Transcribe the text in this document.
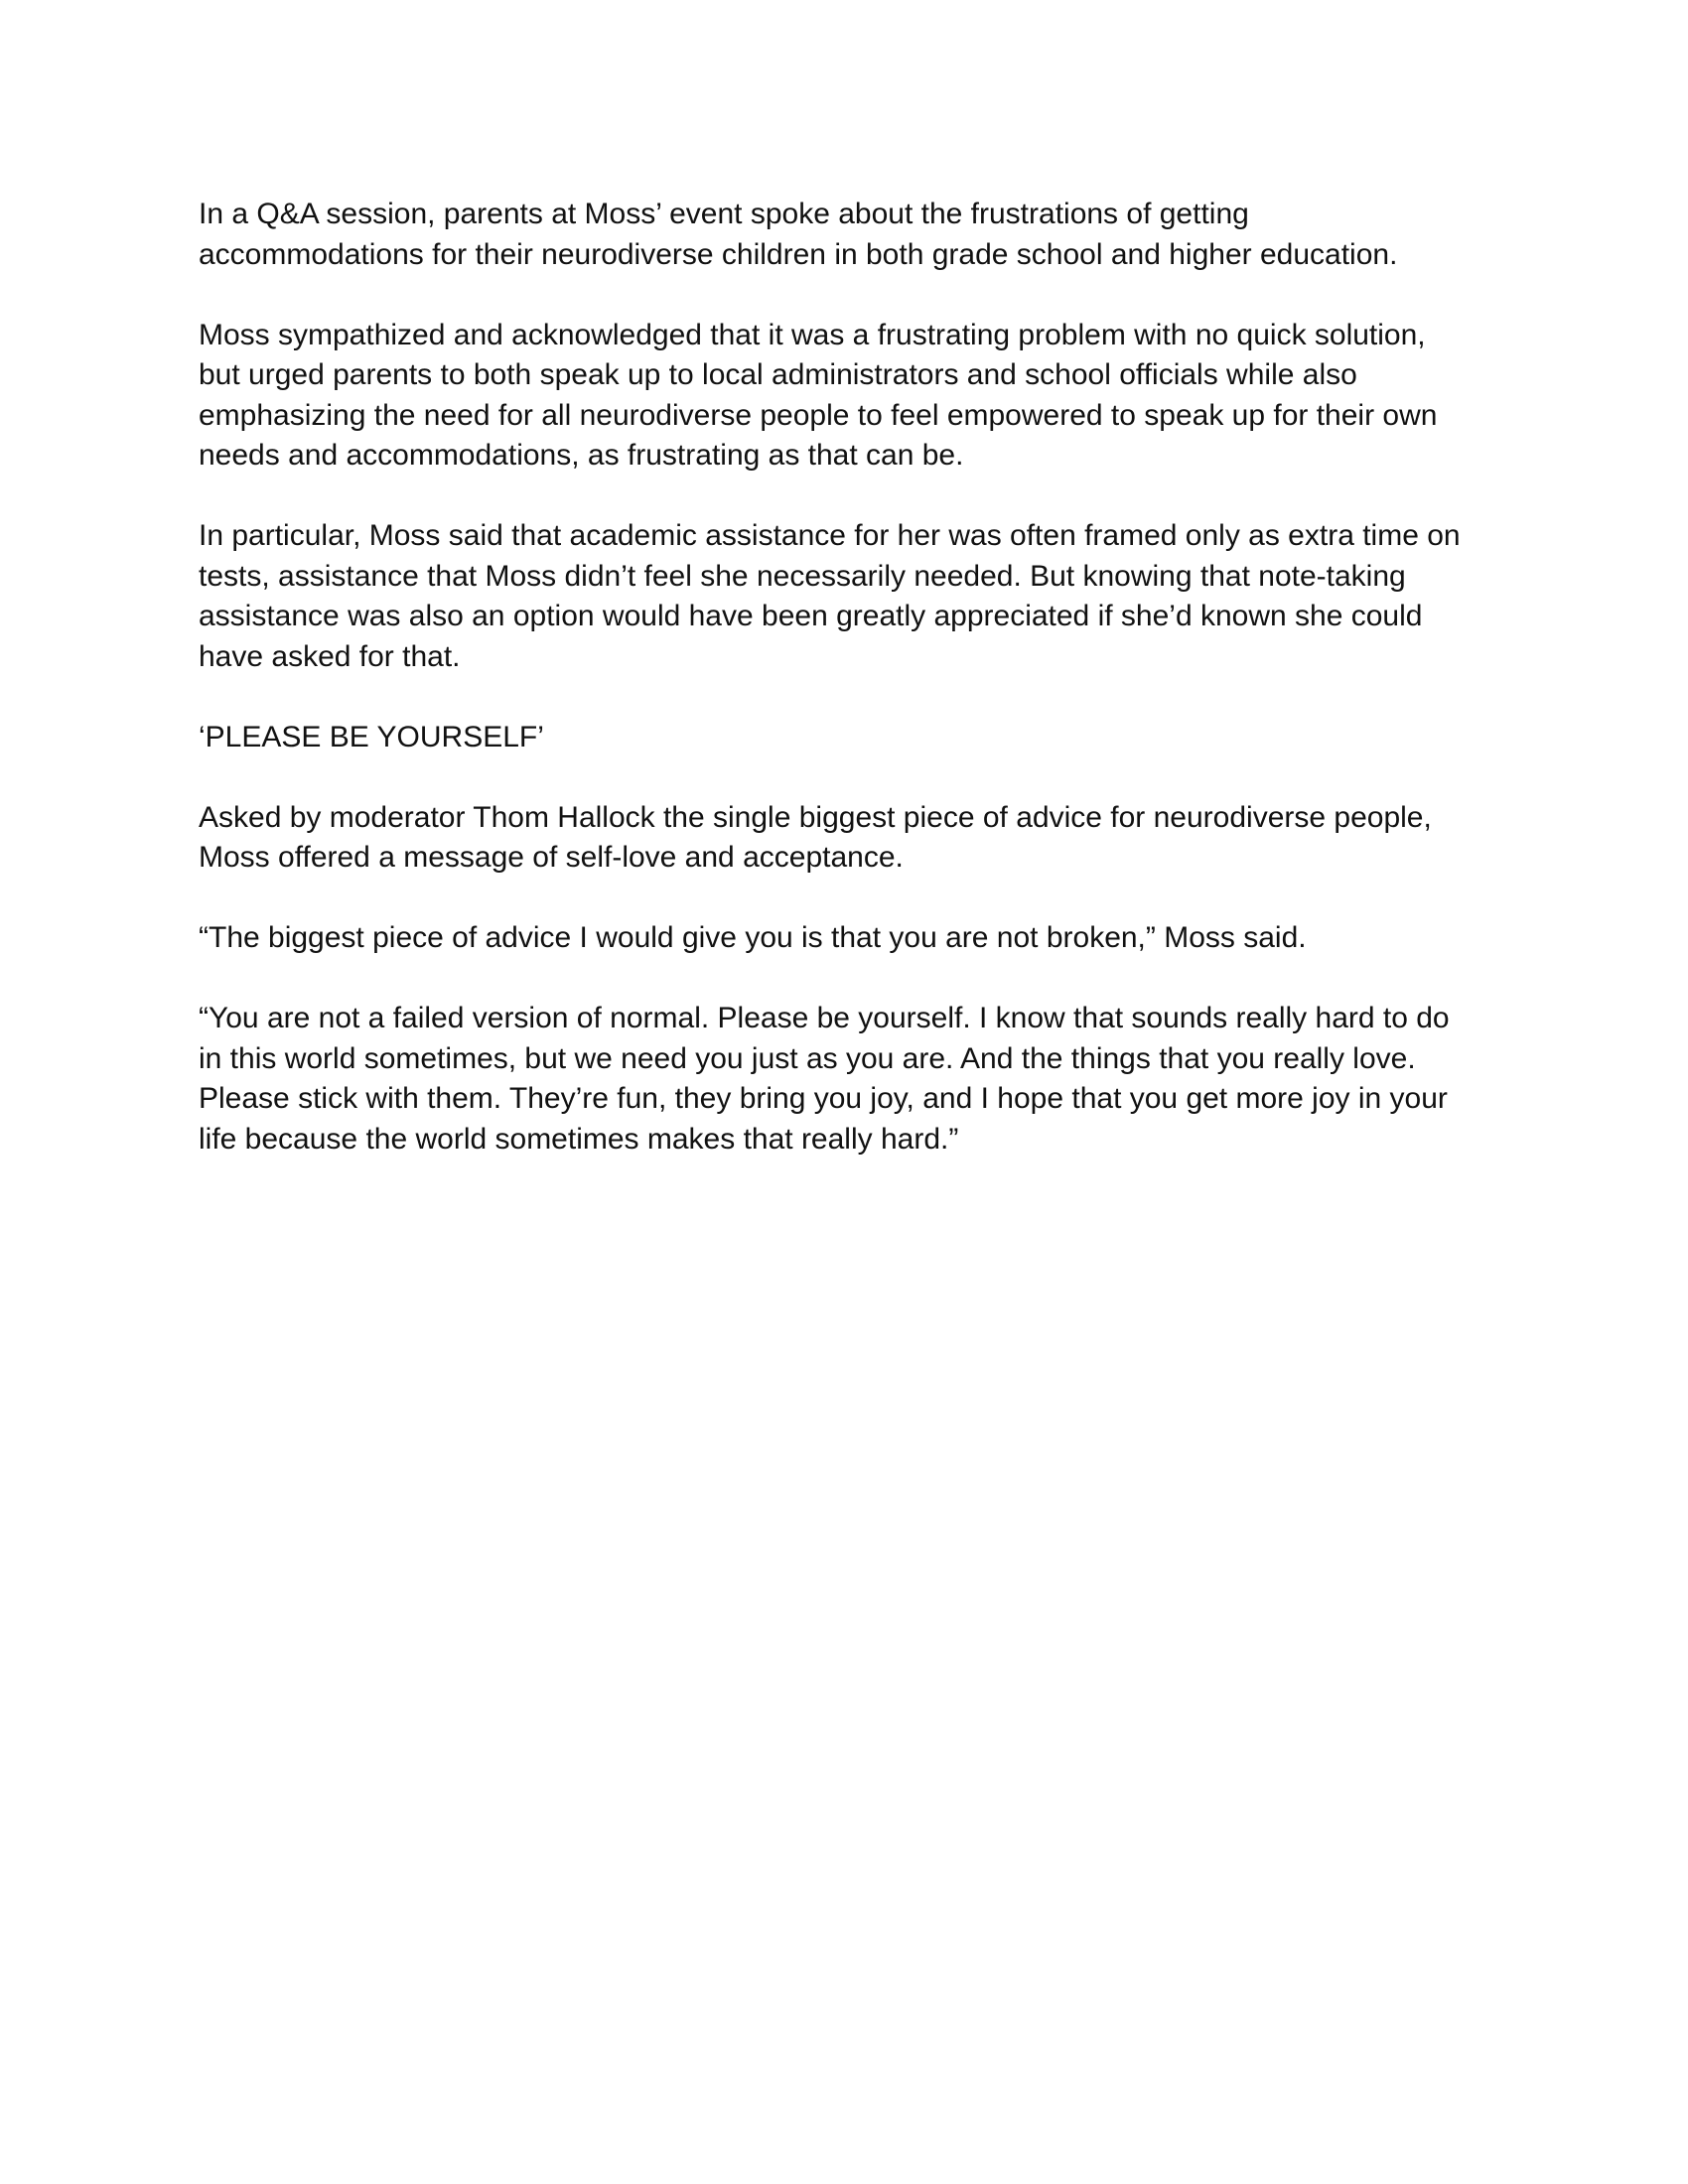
In a Q&A session, parents at Moss’ event spoke about the frustrations of getting
accommodations for their neurodiverse children in both grade school and higher education.

Moss sympathized and acknowledged that it was a frustrating problem with no quick solution,
but urged parents to both speak up to local administrators and school officials while also
emphasizing the need for all neurodiverse people to feel empowered to speak up for their own
needs and accommodations, as frustrating as that can be.

In particular, Moss said that academic assistance for her was often framed only as extra time on
tests, assistance that Moss didn’t feel she necessarily needed. But knowing that note-taking
assistance was also an option would have been greatly appreciated if she’d known she could
have asked for that.

‘PLEASE BE YOURSELF’

Asked by moderator Thom Hallock the single biggest piece of advice for neurodiverse people,
Moss offered a message of self-love and acceptance.

“The biggest piece of advice I would give you is that you are not broken,” Moss said.

“You are not a failed version of normal. Please be yourself. I know that sounds really hard to do
in this world sometimes, but we need you just as you are. And the things that you really love.
Please stick with them. They’re fun, they bring you joy, and I hope that you get more joy in your
life because the world sometimes makes that really hard.”
